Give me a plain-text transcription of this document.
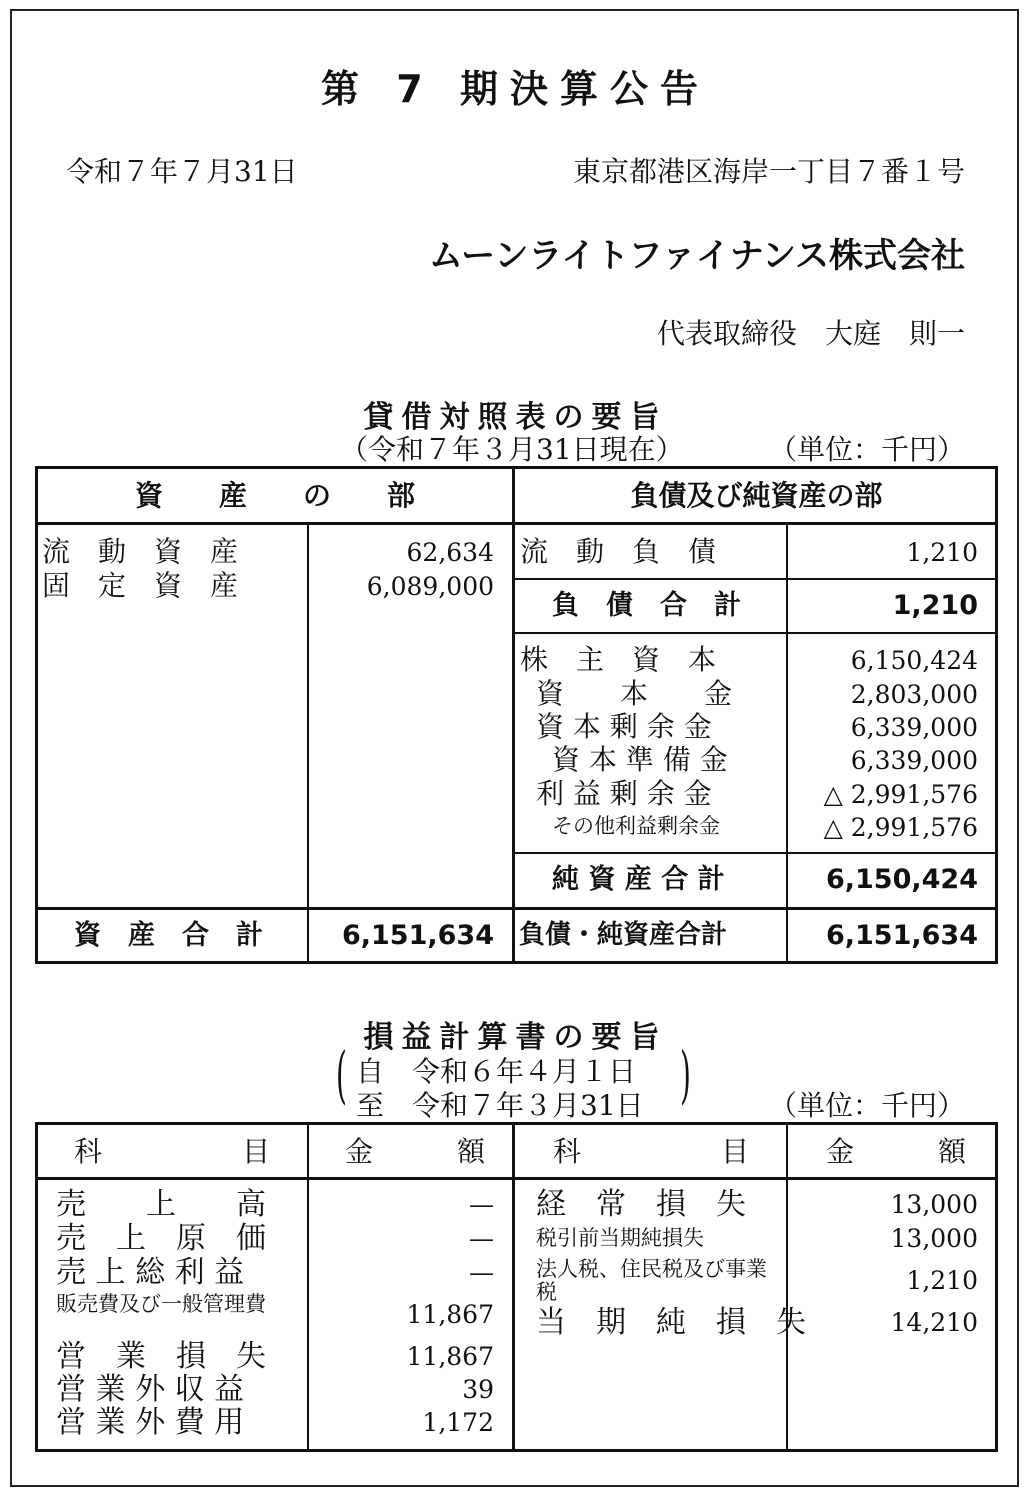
第 7 期決算公告
令和７年７月31日	東京都港区海岸一丁目７番１号
ムーンライトファイナンス株式会社
代表取締役　大庭　則一
貸借対照表の要旨
（令和７年３月31日現在）	（単位：千円）
資　　産　　の　　部	負債及び純資産の部
流　動　資　産	62,634
固　定　資　産	6,089,000
流　動　負　債	1,210
負　債　合　計	1,210
株　主　資　本	6,150,424
資　　本　　金	2,803,000
資 本 剰 余 金	6,339,000
資 本 準 備 金	6,339,000
利 益 剰 余 金	△ 2,991,576
その他利益剰余金	△ 2,991,576
純 資 産 合 計	6,150,424
資　産　合　計	6,151,634 負債・純資産合計	6,151,634
損益計算書の要旨
( 自　令和６年４月１日
至　令和７年３月31日 )	（単位：千円）
科　　　　　目	金　　　額 科　　　　　目	金　　　額
売　　上　　高	—
売　上　原　価	—
売 上 総 利 益	—
販売費及び一般管理費	11,867
営　業　損　失	11,867
営 業 外 収 益	39
営 業 外 費 用	1,172
経　常　損　失	13,000
税引前当期純損失	13,000
法人税、住民税及び事業税	1,210
当　期　純　損　失	14,210
